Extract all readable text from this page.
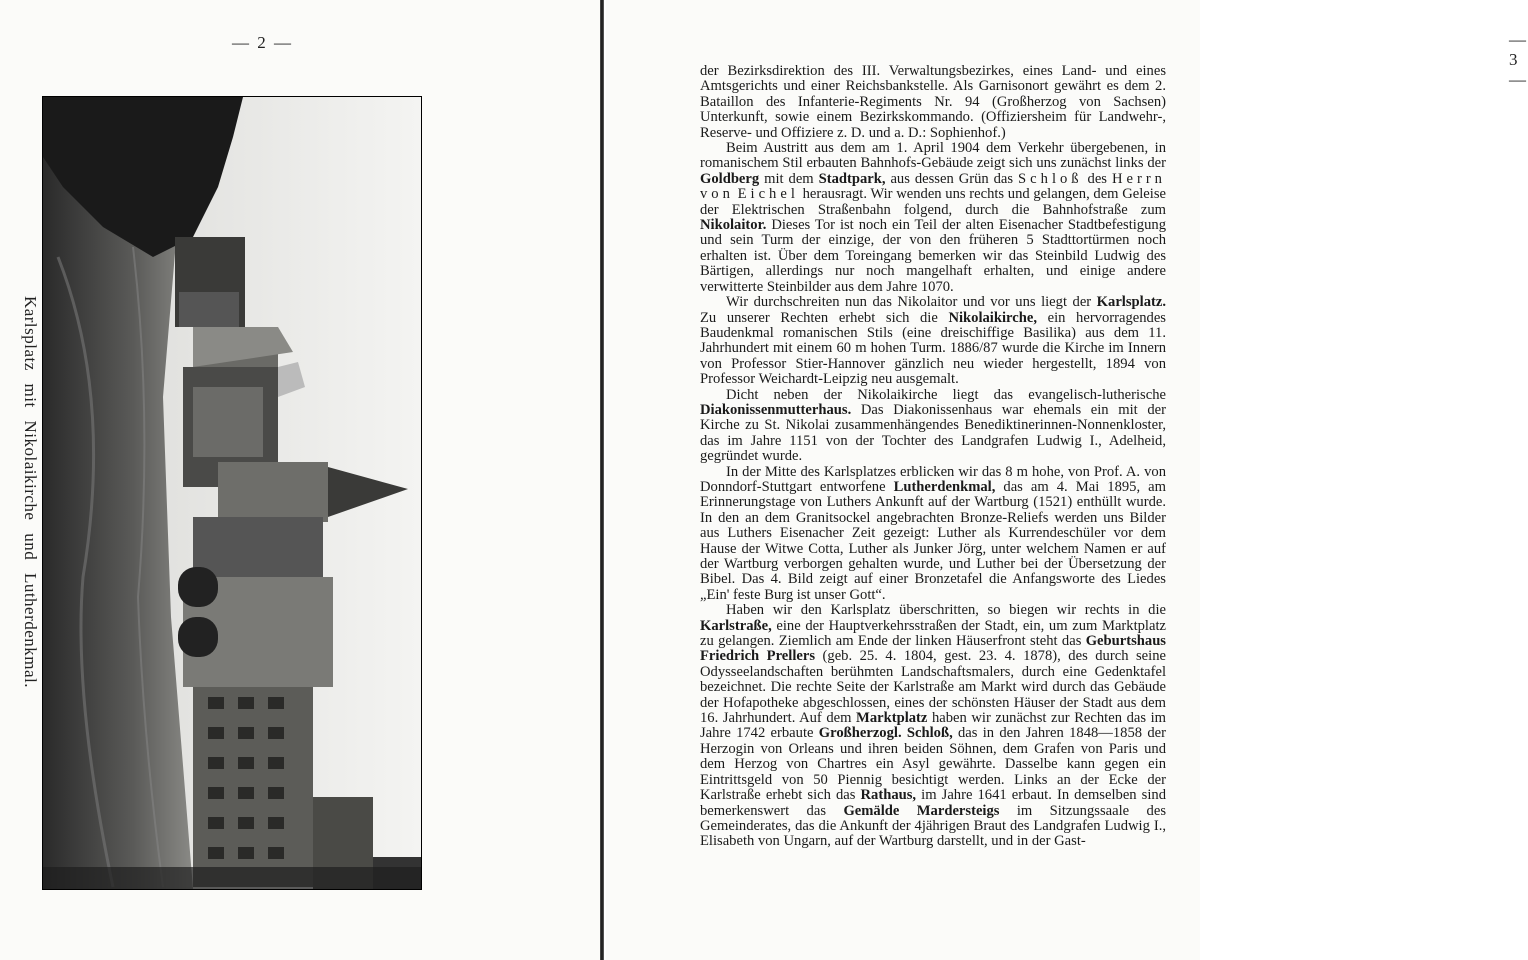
— 2 —
Karlsplatz mit Nikolaikirche und Lutherdenkmal.
— 3 —

der Bezirksdirektion des III. Verwaltungsbezirkes, eines Land- und eines Amtsgerichts und einer Reichsbankstelle. Als Garnisonort gewährt es dem 2. Bataillon des Infanterie-Regiments Nr. 94 (Großherzog von Sachsen) Unterkunft, sowie einem Bezirkskommando. (Offiziersheim für Landwehr-, Reserve- und Offiziere z. D. und a. D.: Sophienhof.)

Beim Austritt aus dem am 1. April 1904 dem Verkehr übergebenen, in romanischem Stil erbauten Bahnhofs-Gebäude zeigt sich uns zunächst links der Goldberg mit dem Stadtpark, aus dessen Grün das Schloß des Herrn von Eichel herausragt. Wir wenden uns rechts und gelangen, dem Geleise der Elektrischen Straßenbahn folgend, durch die Bahnhofstraße zum Nikolaitor. Dieses Tor ist noch ein Teil der alten Eisenacher Stadtbefestigung und sein Turm der einzige, der von den früheren 5 Stadttortürmen noch erhalten ist. Über dem Toreingang bemerken wir das Steinbild Ludwig des Bärtigen, allerdings nur noch mangelhaft erhalten, und einige andere verwitterte Steinbilder aus dem Jahre 1070.

Wir durchschreiten nun das Nikolaitor und vor uns liegt der Karlsplatz. Zu unserer Rechten erhebt sich die Nikolaikirche, ein hervorragendes Baudenkmal romanischen Stils (eine dreischiffige Basilika) aus dem 11. Jahrhundert mit einem 60 m hohen Turm. 1886/87 wurde die Kirche im Innern von Professor Stier-Hannover gänzlich neu wieder hergestellt, 1894 von Professor Weichardt-Leipzig neu ausgemalt.

Dicht neben der Nikolaikirche liegt das evangelisch-lutherische Diakonissenmutterhaus. Das Diakonissenhaus war ehemals ein mit der Kirche zu St. Nikolai zusammenhängendes Benediktinerinnen-Nonnenkloster, das im Jahre 1151 von der Tochter des Landgrafen Ludwig I., Adelheid, gegründet wurde.

In der Mitte des Karlsplatzes erblicken wir das 8 m hohe, von Prof. A. von Donndorf-Stuttgart entworfene Lutherdenkmal, das am 4. Mai 1895, am Erinnerungstage von Luthers Ankunft auf der Wartburg (1521) enthüllt wurde. In den an dem Granitsockel angebrachten Bronze-Reliefs werden uns Bilder aus Luthers Eisenacher Zeit gezeigt: Luther als Kurrendeschüler vor dem Hause der Witwe Cotta, Luther als Junker Jörg, unter welchem Namen er auf der Wartburg verborgen gehalten wurde, und Luther bei der Übersetzung der Bibel. Das 4. Bild zeigt auf einer Bronzetafel die Anfangsworte des Liedes „Ein' feste Burg ist unser Gott“.

Haben wir den Karlsplatz überschritten, so biegen wir rechts in die Karlstraße, eine der Hauptverkehrsstraßen der Stadt, ein, um zum Marktplatz zu gelangen. Ziemlich am Ende der linken Häuserfront steht das Geburtshaus Friedrich Prellers (geb. 25. 4. 1804, gest. 23. 4. 1878), des durch seine Odysseelandschaften berühmten Landschaftsmalers, durch eine Gedenktafel bezeichnet. Die rechte Seite der Karlstraße am Markt wird durch das Gebäude der Hofapotheke abgeschlossen, eines der schönsten Häuser der Stadt aus dem 16. Jahrhundert. Auf dem Marktplatz haben wir zunächst zur Rechten das im Jahre 1742 erbaute Großherzogl. Schloß, das in den Jahren 1848—1858 der Herzogin von Orleans und ihren beiden Söhnen, dem Grafen von Paris und dem Herzog von Chartres ein Asyl gewährte. Dasselbe kann gegen ein Eintrittsgeld von 50 Piennig besichtigt werden. Links an der Ecke der Karlstraße erhebt sich das Rathaus, im Jahre 1641 erbaut. In demselben sind bemerkenswert das Gemälde Mardersteigs im Sitzungssaale des Gemeinderates, das die Ankunft der 4jährigen Braut des Landgrafen Ludwig I., Elisabeth von Ungarn, auf der Wartburg darstellt, und in der Gast-
